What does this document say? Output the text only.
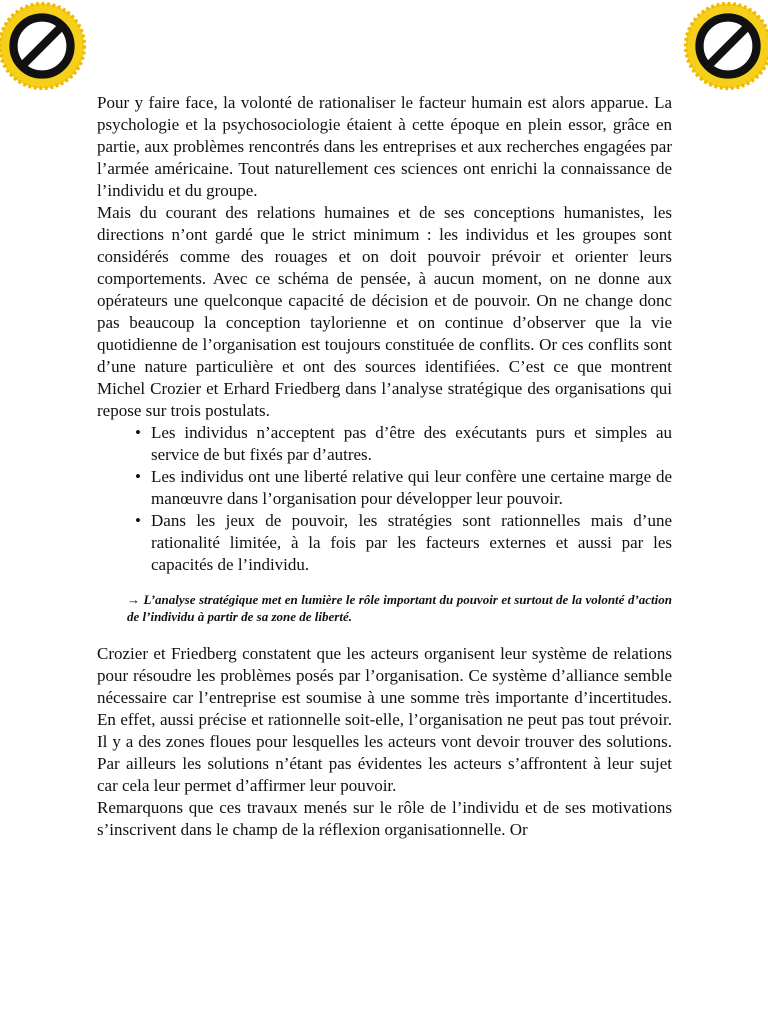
Pour y faire face, la volonté de rationaliser le facteur humain est alors apparue. La psychologie et la psychosociologie étaient à cette époque en plein essor, grâce en partie, aux problèmes rencontrés dans les entreprises et aux recherches engagées par l’armée américaine. Tout naturellement ces sciences ont enrichi la connaissance de l’individu et du groupe.

Mais du courant des relations humaines et de ses conceptions humanistes, les directions n’ont gardé que le strict minimum : les individus et les groupes sont considérés comme des rouages et on doit pouvoir prévoir et orienter leurs comportements. Avec ce schéma de pensée, à aucun moment, on ne donne aux opérateurs une quelconque capacité de décision et de pouvoir. On ne change donc pas beaucoup la conception taylorienne et on continue d’observer que la vie quotidienne de l’organisation est toujours constituée de conflits. Or ces conflits sont d’une nature particulière et ont des sources identifiées. C’est ce que montrent Michel Crozier et Erhard Friedberg dans l’analyse stratégique des organisations qui repose sur trois postulats.

• Les individus n’acceptent pas d’être des exécutants purs et simples au service de but fixés par d’autres.
• Les individus ont une liberté relative qui leur confère une certaine marge de manœuvre dans l’organisation pour développer leur pouvoir.
• Dans les jeux de pouvoir, les stratégies sont rationnelles mais d’une rationalité limitée, à la fois par les facteurs externes et aussi par les capacités de l’individu.

→ L’analyse stratégique met en lumière le rôle important du pouvoir et surtout de la volonté d’action de l’individu à partir de sa zone de liberté.

Crozier et Friedberg constatent que les acteurs organisent leur système de relations pour résoudre les problèmes posés par l’organisation. Ce système d’alliance semble nécessaire car l’entreprise est soumise à une somme très importante d’incertitudes. En effet, aussi précise et rationnelle soit-elle, l’organisation ne peut pas tout prévoir. Il y a des zones floues pour lesquelles les acteurs vont devoir trouver des solutions. Par ailleurs les solutions n’étant pas évidentes les acteurs s’affrontent à leur sujet car cela leur permet d’affirmer leur pouvoir.

Remarquons que ces travaux menés sur le rôle de l’individu et de ses motivations s’inscrivent dans le champ de la réflexion organisationnelle. Or
